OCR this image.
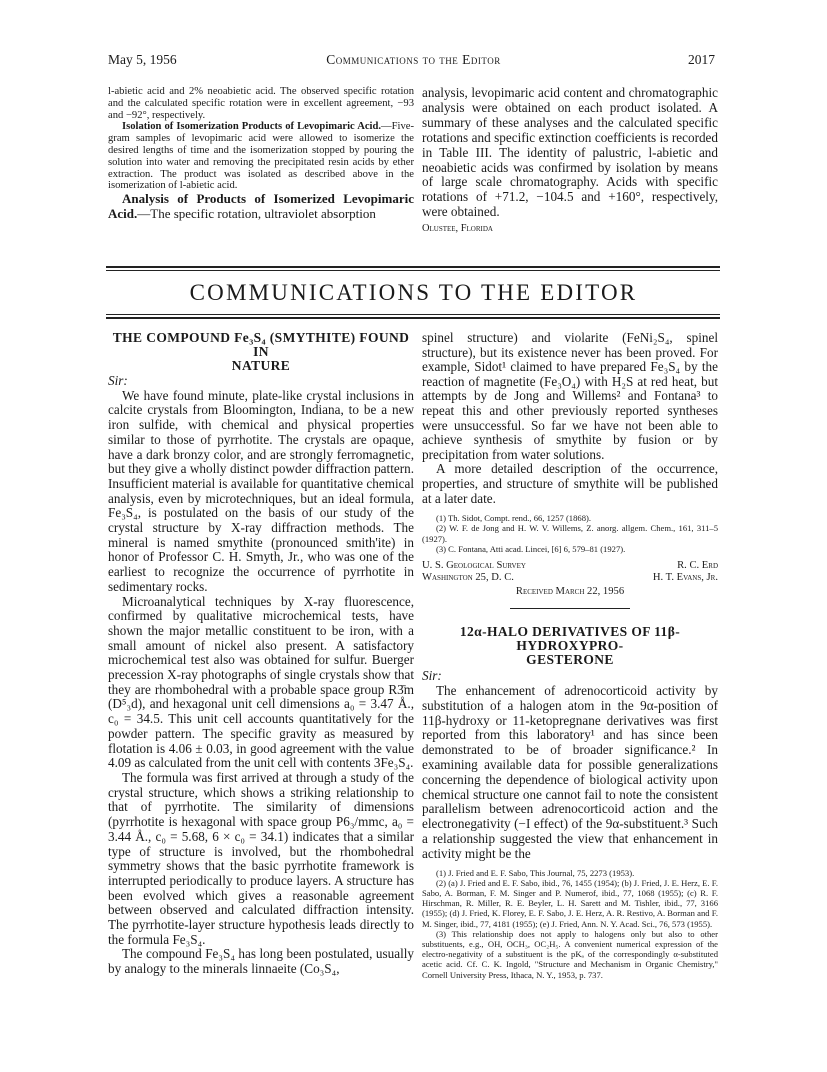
May 5, 1956	Communications to the Editor	2017

l-abietic acid and 2% neoabietic acid. The observed specific rotation and the calculated specific rotation were in excellent agreement, −93 and −92°, respectively.

Isolation of Isomerization Products of Levopimaric Acid.—Five-gram samples of levopimaric acid were allowed to isomerize the desired lengths of time and the isomerization stopped by pouring the solution into water and removing the precipitated resin acids by ether extraction. The product was isolated as described above in the isomerization of l-abietic acid.

Analysis of Products of Isomerized Levopimaric Acid.—The specific rotation, ultraviolet absorption

analysis, levopimaric acid content and chromatographic analysis were obtained on each product isolated. A summary of these analyses and the calculated specific rotations and specific extinction coefficients is recorded in Table III. The identity of palustric, l-abietic and neoabietic acids was confirmed by isolation by means of large scale chromatography. Acids with specific rotations of +71.2, −104.5 and +160°, respectively, were obtained.

Olustee, Florida

COMMUNICATIONS TO THE EDITOR
THE COMPOUND Fe₃S₄ (SMYTHITE) FOUND IN
NATURE

Sir:

We have found minute, plate-like crystal inclusions in calcite crystals from Bloomington, Indiana, to be a new iron sulfide, with chemical and physical properties similar to those of pyrrhotite. The crystals are opaque, have a dark bronzy color, and are strongly ferromagnetic, but they give a wholly distinct powder diffraction pattern. Insufficient material is available for quantitative chemical analysis, even by microtechniques, but an ideal formula, Fe₃S₄, is postulated on the basis of our study of the crystal structure by X-ray diffraction methods. The mineral is named smythite (pronounced smith'ite) in honor of Professor C. H. Smyth, Jr., who was one of the earliest to recognize the occurrence of pyrrhotite in sedimentary rocks.

Microanalytical techniques by X-ray fluorescence, confirmed by qualitative microchemical tests, have shown the major metallic constituent to be iron, with a small amount of nickel also present. A satisfactory microchemical test also was obtained for sulfur. Buerger precession X-ray photographs of single crystals show that they are rhombohedral with a probable space group R3̄m (D⁵₃d), and hexagonal unit cell dimensions a₀ = 3.47 Å., c₀ = 34.5. This unit cell accounts quantitatively for the powder pattern. The specific gravity as measured by flotation is 4.06 ± 0.03, in good agreement with the value 4.09 as calculated from the unit cell with contents 3Fe₃S₄.

The formula was first arrived at through a study of the crystal structure, which shows a striking relationship to that of pyrrhotite. The similarity of dimensions (pyrrhotite is hexagonal with space group P6₃/mmc, a₀ = 3.44 Å., c₀ = 5.68, 6 × c₀ = 34.1) indicates that a similar type of structure is involved, but the rhombohedral symmetry shows that the basic pyrrhotite framework is interrupted periodically to produce layers. A structure has been evolved which gives a reasonable agreement between observed and calculated diffraction intensity. The pyrrhotite-layer structure hypothesis leads directly to the formula Fe₃S₄.

The compound Fe₃S₄ has long been postulated, usually by analogy to the minerals linnaeite (Co₃S₄,

spinel structure) and violarite (FeNi₂S₄, spinel structure), but its existence never has been proved. For example, Sidot¹ claimed to have prepared Fe₃S₄ by the reaction of magnetite (Fe₃O₄) with H₂S at red heat, but attempts by de Jong and Willems² and Fontana³ to repeat this and other previously reported syntheses were unsuccessful. So far we have not been able to achieve synthesis of smythite by fusion or by precipitation from water solutions.

A more detailed description of the occurrence, properties, and structure of smythite will be published at a later date.

(1) Th. Sidot, Compt. rend., 66, 1257 (1868).

(2) W. F. de Jong and H. W. V. Willems, Z. anorg. allgem. Chem., 161, 311–5 (1927).

(3) C. Fontana, Atti acad. Lincei, [6] 6, 579–81 (1927).

U. S. Geological Survey	R. C. Erd
Washington 25, D. C.	H. T. Evans, Jr.
Received March 22, 1956
12α-HALO DERIVATIVES OF 11β-HYDROXYPRO-
GESTERONE

Sir:

The enhancement of adrenocorticoid activity by substitution of a halogen atom in the 9α-position of 11β-hydroxy or 11-ketopregnane derivatives was first reported from this laboratory¹ and has since been demonstrated to be of broader significance.² In examining available data for possible generalizations concerning the dependence of biological activity upon chemical structure one cannot fail to note the consistent parallelism between adrenocorticoid action and the electronegativity (−I effect) of the 9α-substituent.³ Such a relationship suggested the view that enhancement in activity might be the

(1) J. Fried and E. F. Sabo, This Journal, 75, 2273 (1953).

(2) (a) J. Fried and E. F. Sabo, ibid., 76, 1455 (1954); (b) J. Fried, J. E. Herz, E. F. Sabo, A. Borman, F. M. Singer and P. Numerof, ibid., 77, 1068 (1955); (c) R. F. Hirschman, R. Miller, R. E. Beyler, L. H. Sarett and M. Tishler, ibid., 77, 3166 (1955); (d) J. Fried, K. Florey, E. F. Sabo, J. E. Herz, A. R. Restivo, A. Borman and F. M. Singer, ibid., 77, 4181 (1955); (e) J. Fried, Ann. N. Y. Acad. Sci., 76, 573 (1955).

(3) This relationship does not apply to halogens only but also to other substituents, e.g., OH, OCH₃, OC₂H₅. A convenient numerical expression of the electro-negativity of a substituent is the pKₐ of the correspondingly α-substituted acetic acid. Cf. C. K. Ingold, "Structure and Mechanism in Organic Chemistry," Cornell University Press, Ithaca, N. Y., 1953, p. 737.
